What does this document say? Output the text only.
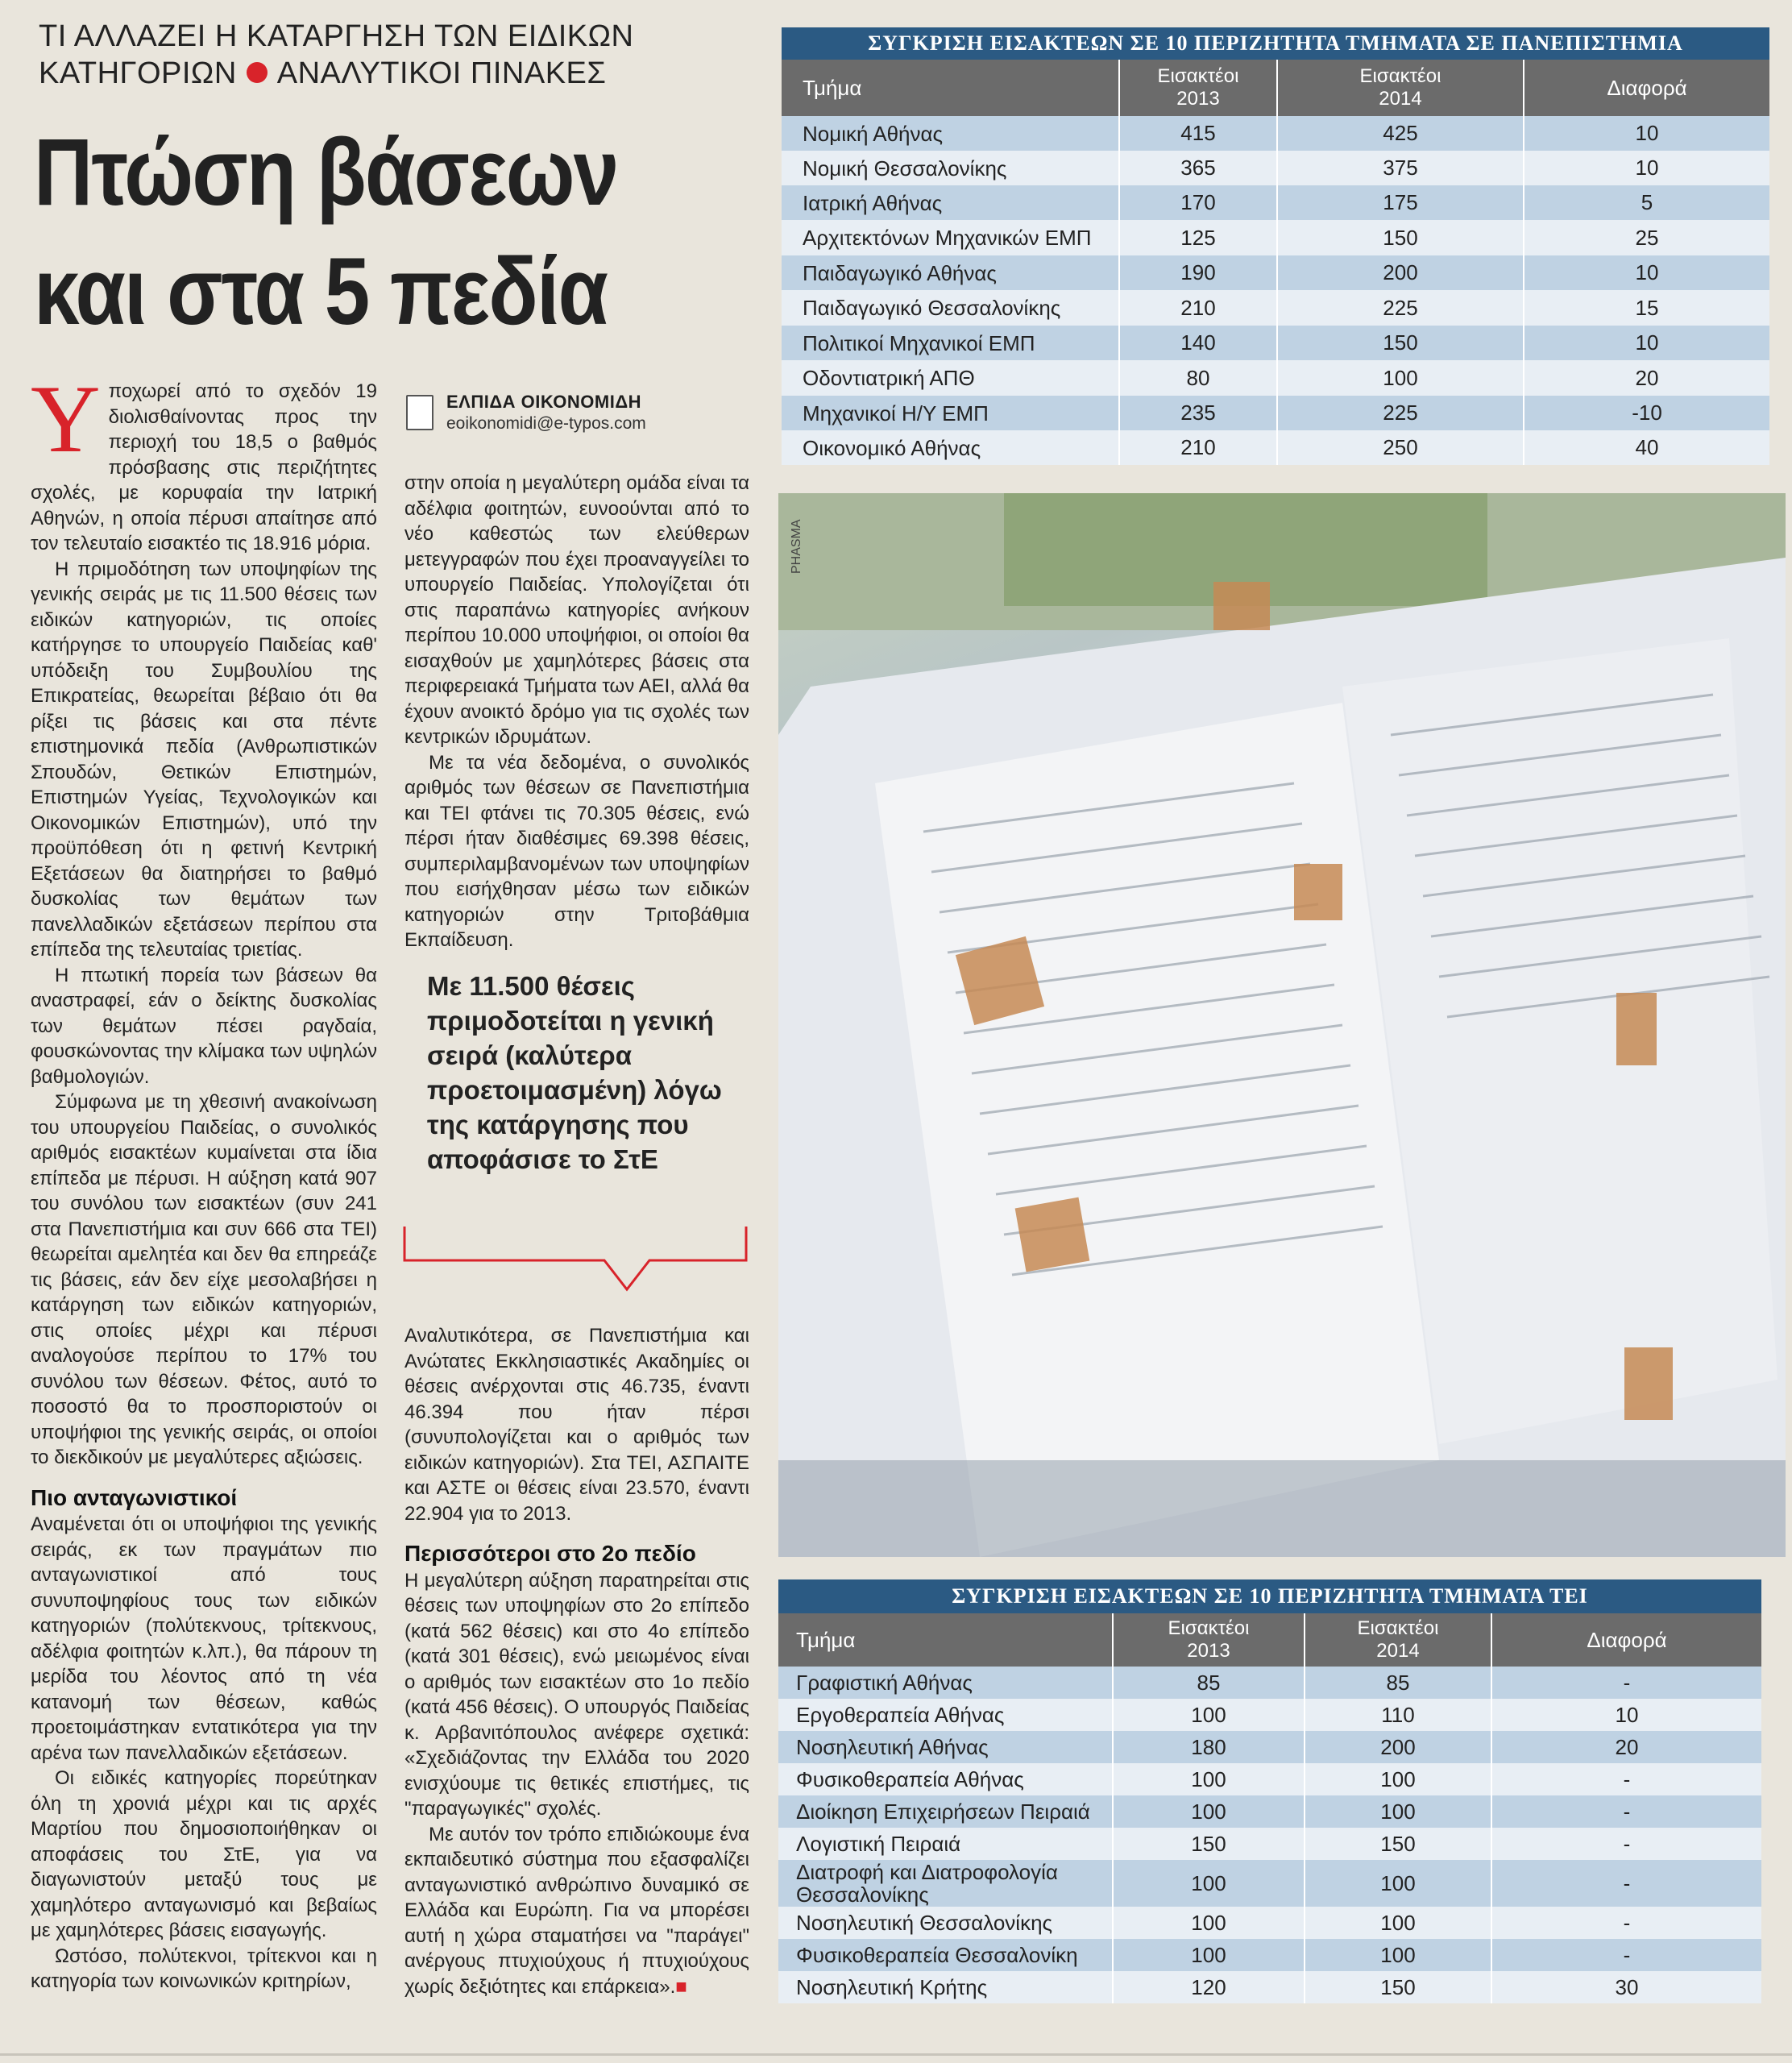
ΤΙ ΑΛΛΑΖΕΙ Η ΚΑΤΑΡΓΗΣΗ ΤΩΝ ΕΙΔΙΚΩΝ
ΚΑΤΗΓΟΡΙΩΝ ΑΝΑΛΥΤΙΚΟΙ ΠΙΝΑΚΕΣ
Πτώση βάσεων
και στα 5 πεδία
ΕΛΠΙΔΑ ΟΙΚΟΝΟΜΙΔΗ
eoikonomidi@e-typos.com

Υποχωρεί από το σχεδόν 19 διολισθαίνοντας προς την περιοχή του 18,5 ο βαθμός πρόσβασης στις περιζήτητες σχολές, με κορυφαία την Ιατρική Αθηνών, η οποία πέρυσι απαίτησε από τον τελευταίο εισακτέο τις 18.916 μόρια.

Η πριμοδότηση των υποψηφίων της γενικής σειράς με τις 11.500 θέσεις των ειδικών κατηγοριών, τις οποίες κατήργησε το υπουργείο Παιδείας καθ' υπόδειξη του Συμβουλίου της Επικρατείας, θεωρείται βέβαιο ότι θα ρίξει τις βάσεις και στα πέντε επιστημονικά πεδία (Ανθρωπιστικών Σπουδών, Θετικών Επιστημών, Επιστημών Υγείας, Τεχνολογικών και Οικονομικών Επιστημών), υπό την προϋπόθεση ότι η φετινή Κεντρική Εξετάσεων θα διατηρήσει το βαθμό δυσκολίας των θεμάτων των πανελλαδικών εξετάσεων περίπου στα επίπεδα της τελευταίας τριετίας.

Η πτωτική πορεία των βάσεων θα αναστραφεί, εάν ο δείκτης δυσκολίας των θεμάτων πέσει ραγδαία, φουσκώνοντας την κλίμακα των υψηλών βαθμολογιών.

Σύμφωνα με τη χθεσινή ανακοίνωση του υπουργείου Παιδείας, ο συνολικός αριθμός εισακτέων κυμαίνεται στα ίδια επίπεδα με πέρυσι. Η αύξηση κατά 907 του συνόλου των εισακτέων (συν 241 στα Πανεπιστήμια και συν 666 στα ΤΕΙ) θεωρείται αμελητέα και δεν θα επηρεάζε τις βάσεις, εάν δεν είχε μεσολαβήσει η κατάργηση των ειδικών κατηγοριών, στις οποίες μέχρι και πέρυσι αναλογούσε περίπου το 17% του συνόλου των θέσεων. Φέτος, αυτό το ποσοστό θα το προσποριστούν οι υποψήφιοι της γενικής σειράς, οι οποίοι το διεκδικούν με μεγαλύτερες αξιώσεις.

Πιο ανταγωνιστικοί

Αναμένεται ότι οι υποψήφιοι της γενικής σειράς, εκ των πραγμάτων πιο ανταγωνιστικοί από τους συνυποψηφίους τους των ειδικών κατηγοριών (πολύτεκνους, τρίτεκνους, αδέλφια φοιτητών κ.λπ.), θα πάρουν τη μερίδα του λέοντος από τη νέα κατανομή των θέσεων, καθώς προετοιμάστηκαν εντατικότερα για την αρένα των πανελλαδικών εξετάσεων.

Οι ειδικές κατηγορίες πορεύτηκαν όλη τη χρονιά μέχρι και τις αρχές Μαρτίου που δημοσιοποιήθηκαν οι αποφάσεις του ΣτΕ, για να διαγωνιστούν μεταξύ τους με χαμηλότερο ανταγωνισμό και βεβαίως με χαμηλότερες βάσεις εισαγωγής.

Ωστόσο, πολύτεκνοι, τρίτεκνοι και η κατηγορία των κοινωνικών κριτηρίων,

στην οποία η μεγαλύτερη ομάδα είναι τα αδέλφια φοιτητών, ευνοούνται από το νέο καθεστώς των ελεύθερων μετεγγραφών που έχει προαναγγείλει το υπουργείο Παιδείας. Υπολογίζεται ότι στις παραπάνω κατηγορίες ανήκουν περίπου 10.000 υποψήφιοι, οι οποίοι θα εισαχθούν με χαμηλότερες βάσεις στα περιφερειακά Τμήματα των ΑΕΙ, αλλά θα έχουν ανοικτό δρόμο για τις σχολές των κεντρικών ιδρυμάτων.

Με τα νέα δεδομένα, ο συνολικός αριθμός των θέσεων σε Πανεπιστήμια και ΤΕΙ φτάνει τις 70.305 θέσεις, ενώ πέρσι ήταν διαθέσιμες 69.398 θέσεις, συμπεριλαμβανομένων των υποψηφίων που εισήχθησαν μέσω των ειδικών κατηγοριών στην Τριτοβάθμια Εκπαίδευση.

Με 11.500 θέσεις πριμοδοτείται η γενική σειρά (καλύτερα προετοιμασμένη) λόγω της κατάργησης που αποφάσισε το ΣτΕ

Αναλυτικότερα, σε Πανεπιστήμια και Ανώτατες Εκκλησιαστικές Ακαδημίες οι θέσεις ανέρχονται στις 46.735, έναντι 46.394 που ήταν πέρσι (συνυπολογίζεται και ο αριθμός των ειδικών κατηγοριών). Στα ΤΕΙ, ΑΣΠΑΙΤΕ και ΑΣΤΕ οι θέσεις είναι 23.570, έναντι 22.904 για το 2013.

Περισσότεροι στο 2ο πεδίο

Η μεγαλύτερη αύξηση παρατηρείται στις θέσεις των υποψηφίων στο 2ο επίπεδο (κατά 562 θέσεις) και στο 4ο επίπεδο (κατά 301 θέσεις), ενώ μειωμένος είναι ο αριθμός των εισακτέων στο 1ο πεδίο (κατά 456 θέσεις). Ο υπουργός Παιδείας κ. Αρβανιτόπουλος ανέφερε σχετικά: «Σχεδιάζοντας την Ελλάδα του 2020 ενισχύουμε τις θετικές επιστήμες, τις "παραγωγικές" σχολές.

Με αυτόν τον τρόπο επιδιώκουμε ένα εκπαιδευτικό σύστημα που εξασφαλίζει ανταγωνιστικό ανθρώπινο δυναμικό σε Ελλάδα και Ευρώπη. Για να μπορέσει αυτή η χώρα σταματήσει να "παράγει" ανέργους πτυχιούχους ή πτυχιούχους χωρίς δεξιότητες και επάρκεια».■

ΣΥΓΚΡΙΣΗ ΕΙΣΑΚΤΕΩΝ ΣΕ 10 ΠΕΡΙΖΗΤΗΤΑ ΤΜΗΜΑΤΑ ΣΕ ΠΑΝΕΠΙΣΤΗΜΙΑ
Τμήμα	Εισακτέοι
2013
Εισακτέοι
2014	Διαφορά
Νομική Αθήνας	415	425	10
Νομική Θεσσαλονίκης	365	375	10
Ιατρική Αθήνας	170	175	5
Αρχιτεκτόνων Μηχανικών ΕΜΠ	125	150	25
Παιδαγωγικό Αθήνας	190	200	10
Παιδαγωγικό Θεσσαλονίκης	210	225	15
Πολιτικοί Μηχανικοί ΕΜΠ	140	150	10
Οδοντιατρική ΑΠΘ	80	100	20
Μηχανικοί Η/Υ ΕΜΠ	235	225	-10
Οικονομικό Αθήνας	210	250	40
PHASMA
ΣΥΓΚΡΙΣΗ ΕΙΣΑΚΤΕΩΝ ΣΕ 10 ΠΕΡΙΖΗΤΗΤΑ ΤΜΗΜΑΤΑ ΤΕΙ
Τμήμα	Εισακτέοι
2013
Εισακτέοι
2014	Διαφορά
Γραφιστική Αθήνας	85	85	-
Εργοθεραπεία Αθήνας	100	110	10
Νοσηλευτική Αθήνας	180	200	20
Φυσικοθεραπεία Αθήνας	100	100	-
Διοίκηση Επιχειρήσεων Πειραιά	100	100	-
Λογιστική Πειραιά	150	150	-
Διατροφή και Διατροφολογία Θεσσαλονίκης	100	100	-
Νοσηλευτική Θεσσαλονίκης	100	100	-
Φυσικοθεραπεία Θεσσαλονίκη	100	100	-
Νοσηλευτική Κρήτης	120	150	30
